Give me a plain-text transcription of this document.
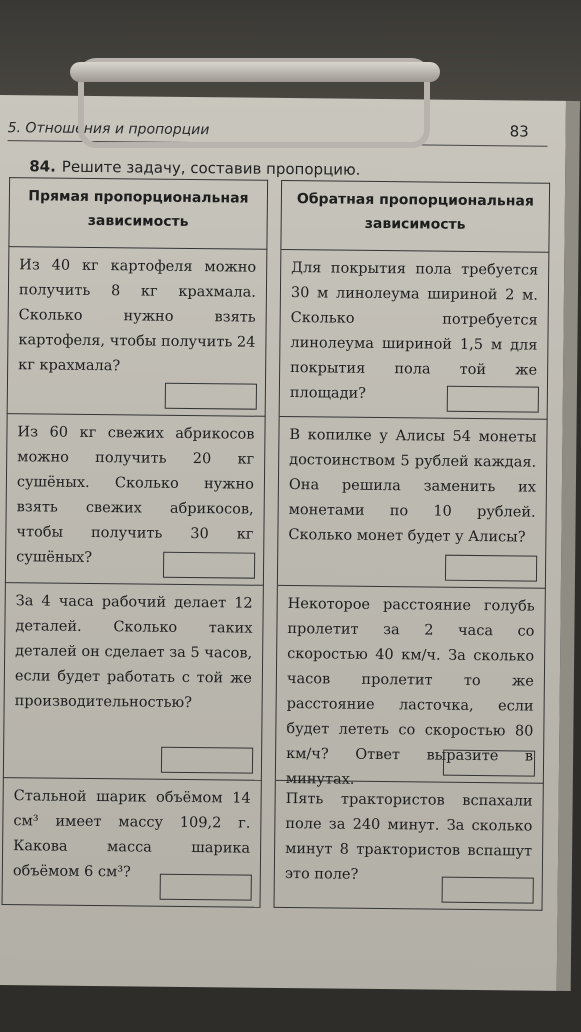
5. Отношения и пропорции	83
84. Решите задачу, составив пропорцию.
Прямая пропорциональная зависимость		Обратная пропорциональная зависимость

Из 40 кг картофеля можно получить 8 кг крахмала. Сколько нужно взять картофеля, чтобы получить 24 кг крахмала?		Для покрытия пола требуется 30 м линолеума шириной 2 м. Сколько потребуется линолеума шириной 1,5 м для покрытия пола той же площади?

Из 60 кг свежих абрикосов можно получить 20 кг сушёных. Сколько нужно взять свежих абрикосов, чтобы получить 30 кг сушёных?		В копилке у Алисы 54 монеты достоинством 5 рублей каждая. Она решила заменить их монетами по 10 рублей. Сколько монет будет у Алисы?

За 4 часа рабочий делает 12 деталей. Сколько таких деталей он сделает за 5 часов, если будет работать с той же производительностью?		Некоторое расстояние голубь пролетит за 2 часа со скоростью 40 км/ч. За сколько часов пролетит то же расстояние ласточка, если будет лететь со скоростью 80 км/ч? Ответ выразите в минутах.

Стальной шарик объёмом 14 см³ имеет массу 109,2 г. Какова масса шарика объёмом 6 см³?		Пять трактористов вспахали поле за 240 минут. За сколько минут 8 трактористов вспашут это поле?
